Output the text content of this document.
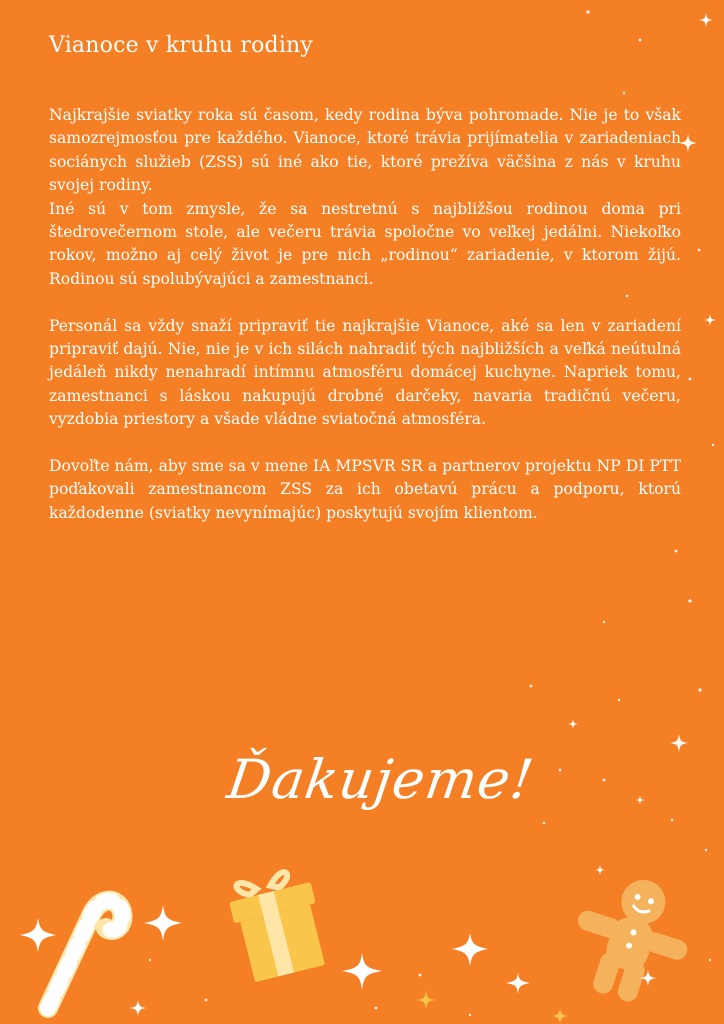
Vianoce v kruhu rodiny

Najkrajšie sviatky roka sú časom, kedy rodina býva pohromade. Nie je to však samozrejmosťou pre každého. Vianoce, ktoré trávia prijímatelia v zariadeniach sociánych služieb (ZSS) sú iné ako tie, ktoré prežíva väčšina z nás v kruhu svojej rodiny.
Iné sú v tom zmysle, že sa nestretnú s najbližšou rodinou doma pri štedrovečernom stole, ale večeru trávia spoločne vo veľkej jedálni. Niekoľko rokov, možno aj celý život je pre nich „rodinou“ zariadenie, v ktorom žijú. Rodinou sú spolubývajúci a zamestnanci.

Personál sa vždy snaží pripraviť tie najkrajšie Vianoce, aké sa len v zariadení pripraviť dajú. Nie, nie je v ich silách nahradiť tých najbližších a veľká neútulná jedáleň nikdy nenahradí intímnu atmosféru domácej kuchyne. Napriek tomu, zamestnanci s láskou nakupujú drobné darčeky, navaria tradičnú večeru, vyzdobia priestory a všade vládne sviatočná atmosféra.

Dovoľte nám, aby sme sa v mene IA MPSVR SR a partnerov projektu NP DI PTT poďakovali zamestnancom ZSS za ich obetavú prácu a podporu, ktorú každodenne (sviatky nevynímajúc) poskytujú svojím klientom.

Ďakujeme!
